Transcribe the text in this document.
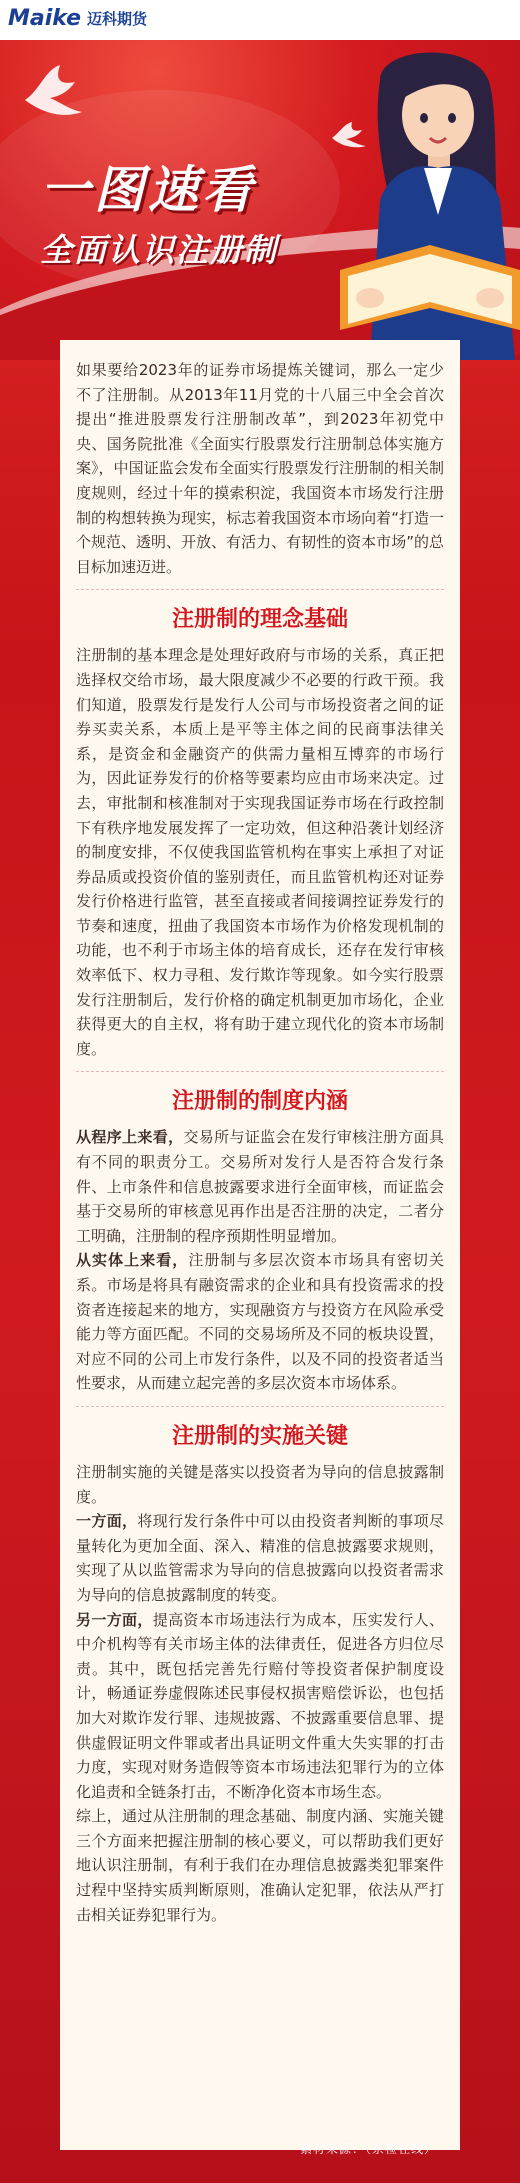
Maike 迈科期货
一图速看
全面认识注册制

如果要给2023年的证券市场提炼关键词，那么一定少不了注册制。从2013年11月党的十八届三中全会首次提出“推进股票发行注册制改革”，到2023年初党中央、国务院批准《全面实行股票发行注册制总体实施方案》，中国证监会发布全面实行股票发行注册制的相关制度规则，经过十年的摸索积淀，我国资本市场发行注册制的构想转换为现实，标志着我国资本市场向着“打造一个规范、透明、开放、有活力、有韧性的资本市场”的总目标加速迈进。

注册制的理念基础

注册制的基本理念是处理好政府与市场的关系，真正把选择权交给市场，最大限度减少不必要的行政干预。我们知道，股票发行是发行人公司与市场投资者之间的证券买卖关系，本质上是平等主体之间的民商事法律关系，是资金和金融资产的供需力量相互博弈的市场行为，因此证券发行的价格等要素均应由市场来决定。过去，审批制和核准制对于实现我国证券市场在行政控制下有秩序地发展发挥了一定功效，但这种沿袭计划经济的制度安排，不仅使我国监管机构在事实上承担了对证券品质或投资价值的鉴别责任，而且监管机构还对证券发行价格进行监管，甚至直接或者间接调控证券发行的节奏和速度，扭曲了我国资本市场作为价格发现机制的功能，也不利于市场主体的培育成长，还存在发行审核效率低下、权力寻租、发行欺诈等现象。如今实行股票发行注册制后，发行价格的确定机制更加市场化，企业获得更大的自主权，将有助于建立现代化的资本市场制度。

注册制的制度内涵

从程序上来看，交易所与证监会在发行审核注册方面具有不同的职责分工。交易所对发行人是否符合发行条件、上市条件和信息披露要求进行全面审核，而证监会基于交易所的审核意见再作出是否注册的决定，二者分工明确，注册制的程序预期性明显增加。

从实体上来看，注册制与多层次资本市场具有密切关系。市场是将具有融资需求的企业和具有投资需求的投资者连接起来的地方，实现融资方与投资方在风险承受能力等方面匹配。不同的交易场所及不同的板块设置，对应不同的公司上市发行条件，以及不同的投资者适当性要求，从而建立起完善的多层次资本市场体系。

注册制的实施关键

注册制实施的关键是落实以投资者为导向的信息披露制度。

一方面，将现行发行条件中可以由投资者判断的事项尽量转化为更加全面、深入、精准的信息披露要求规则，实现了从以监管需求为导向的信息披露向以投资者需求为导向的信息披露制度的转变。

另一方面，提高资本市场违法行为成本，压实发行人、中介机构等有关市场主体的法律责任，促进各方归位尽责。其中，既包括完善先行赔付等投资者保护制度设计，畅通证券虚假陈述民事侵权损害赔偿诉讼，也包括加大对欺诈发行罪、违规披露、不披露重要信息罪、提供虚假证明文件罪或者出具证明文件重大失实罪的打击力度，实现对财务造假等资本市场违法犯罪行为的立体化追责和全链条打击，不断净化资本市场生态。

综上，通过从注册制的理念基础、制度内涵、实施关键三个方面来把握注册制的核心要义，可以帮助我们更好地认识注册制，有利于我们在办理信息披露类犯罪案件过程中坚持实质判断原则，准确认定犯罪，依法从严打击相关证券犯罪行为。

素材来源：（京检在线）
